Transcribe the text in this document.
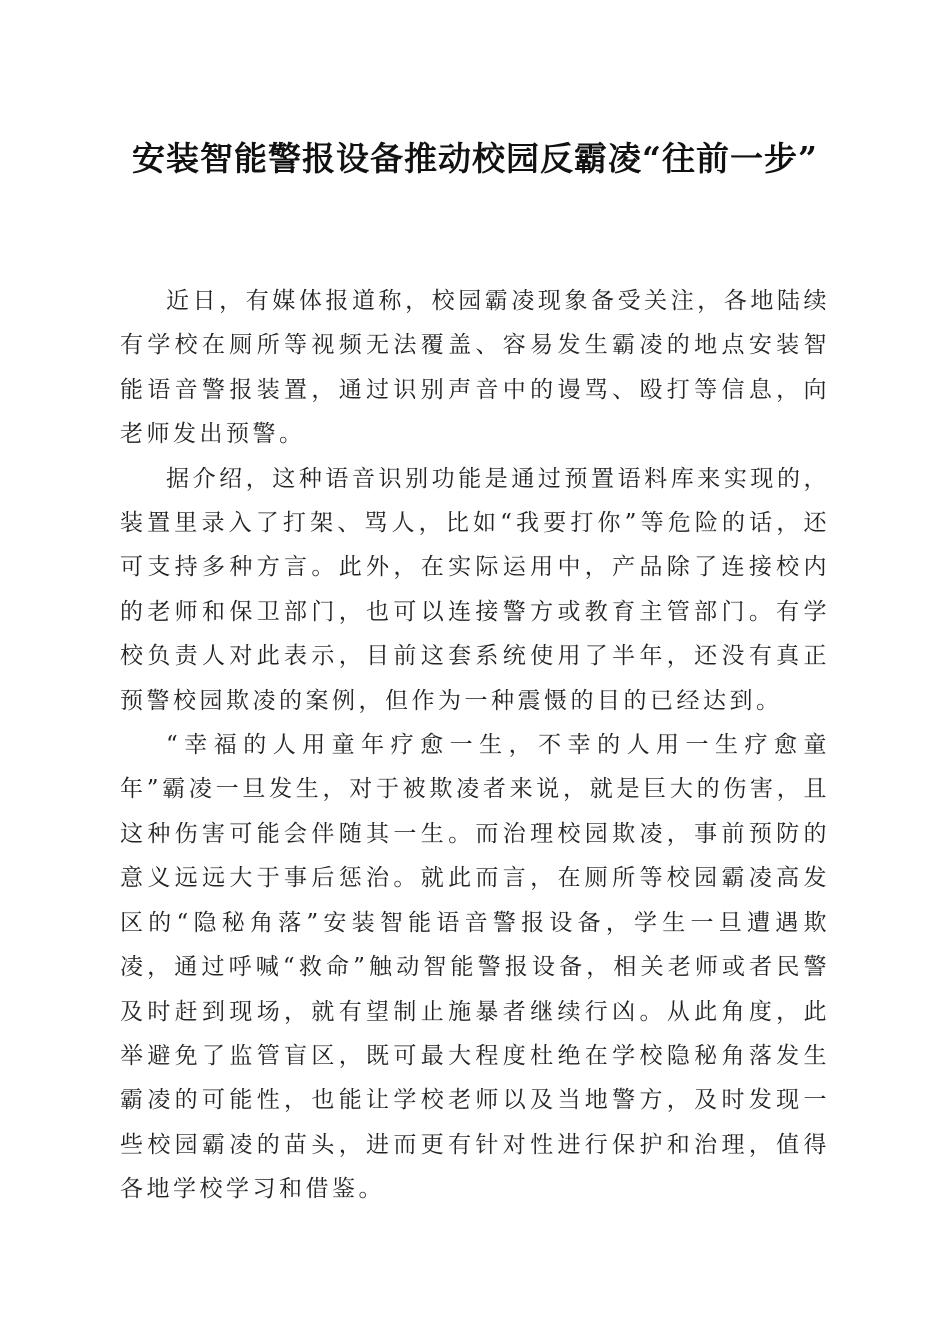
安装智能警报设备推动校园反霸凌“往前一步”

近日，有媒体报道称，校园霸凌现象备受关注，各地陆续有学校在厕所等视频无法覆盖、容易发生霸凌的地点安装智能语音警报装置，通过识别声音中的谩骂、殴打等信息，向老师发出预警。

据介绍，这种语音识别功能是通过预置语料库来实现的，装置里录入了打架、骂人，比如“我要打你”等危险的话，还可支持多种方言。此外，在实际运用中，产品除了连接校内的老师和保卫部门，也可以连接警方或教育主管部门。有学校负责人对此表示，目前这套系统使用了半年，还没有真正预警校园欺凌的案例，但作为一种震慑的目的已经达到。

“幸福的人用童年疗愈一生，不幸的人用一生疗愈童年”霸凌一旦发生，对于被欺凌者来说，就是巨大的伤害，且这种伤害可能会伴随其一生。而治理校园欺凌，事前预防的意义远远大于事后惩治。就此而言，在厕所等校园霸凌高发区的“隐秘角落”安装智能语音警报设备，学生一旦遭遇欺凌，通过呼喊“救命”触动智能警报设备，相关老师或者民警及时赶到现场，就有望制止施暴者继续行凶。从此角度，此举避免了监管盲区，既可最大程度杜绝在学校隐秘角落发生霸凌的可能性，也能让学校老师以及当地警方，及时发现一些校园霸凌的苗头，进而更有针对性进行保护和治理，值得各地学校学习和借鉴。
